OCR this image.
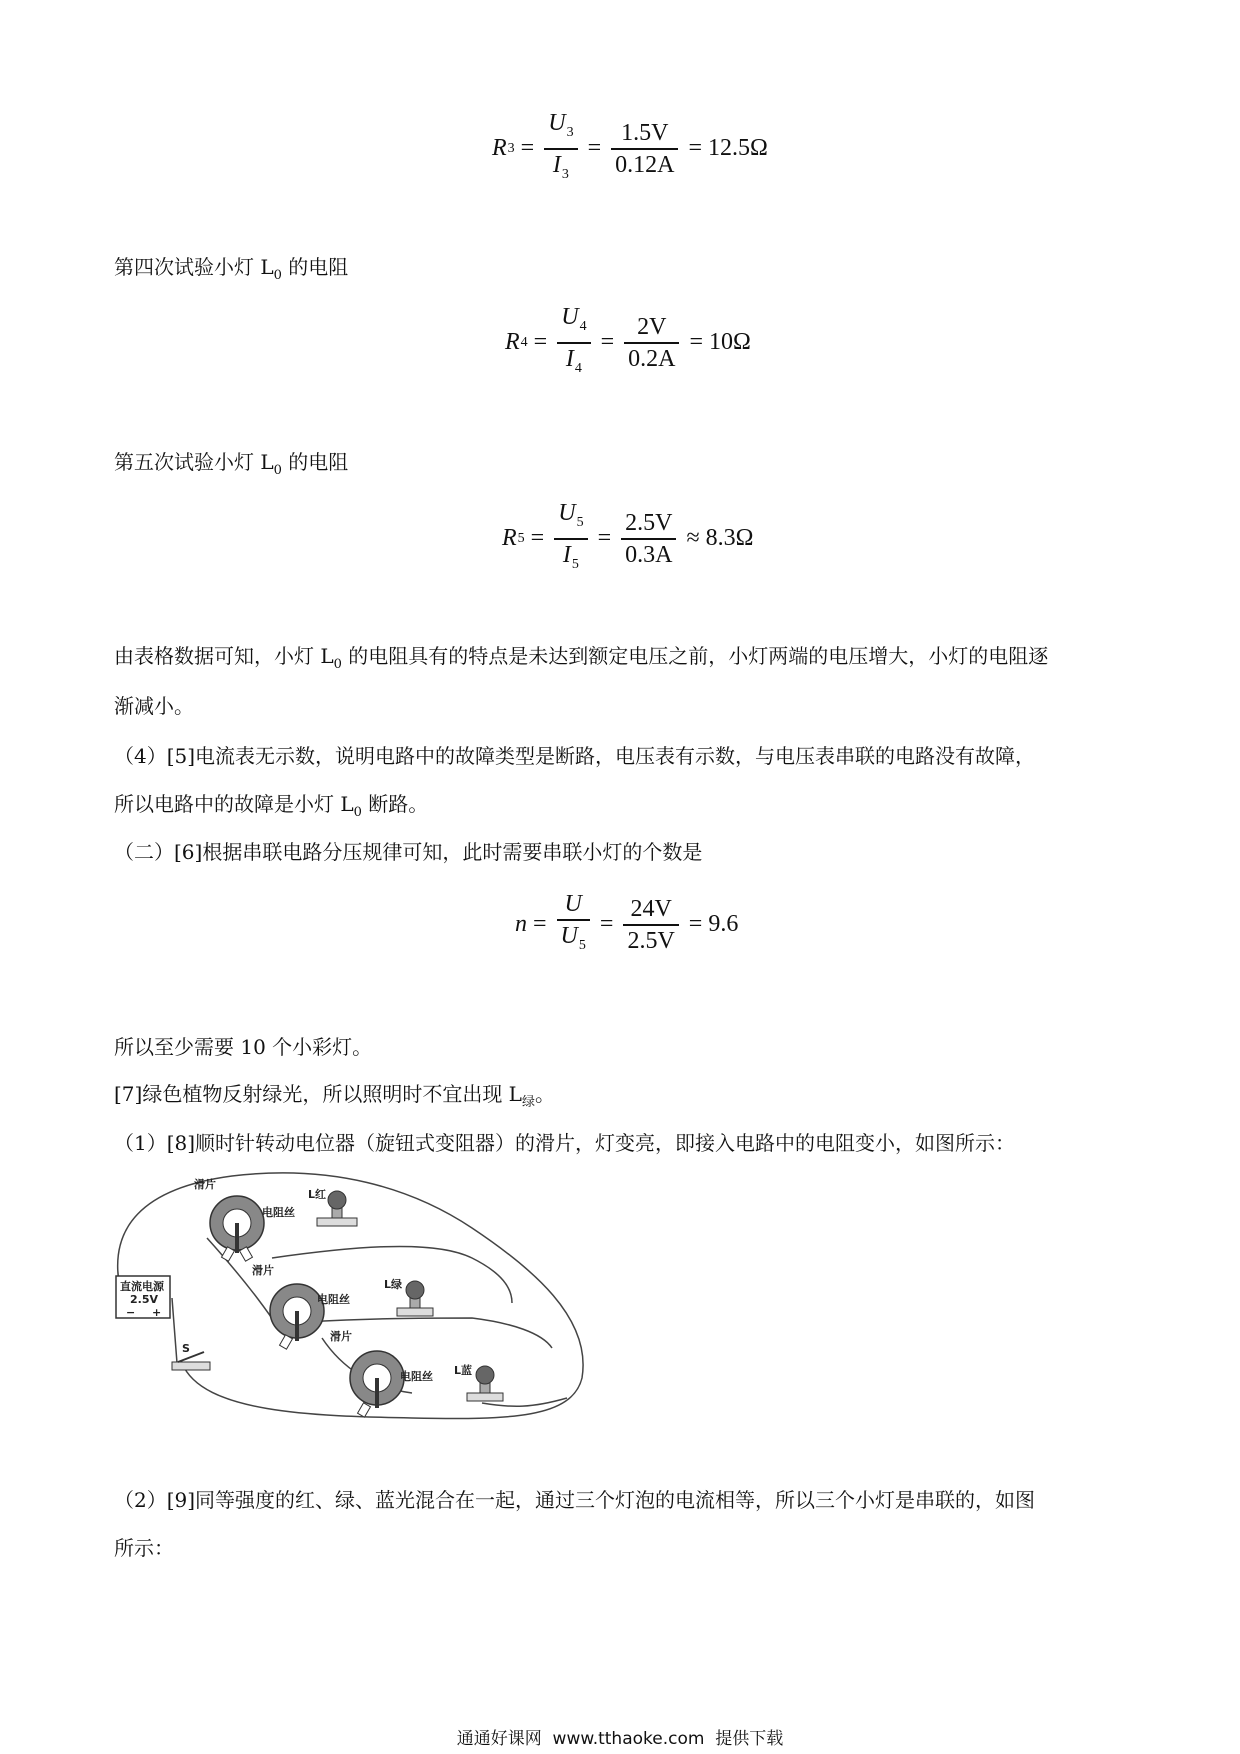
R $3 = \frac{U_3}{I_3} = \frac{1.5V}{0.12A} = 12.5\Omega$
第四次试验小灯 $L_0$ 的电阻
R $4 = \frac{U_4}{I_4} = \frac{2V}{0.2A} = 10\Omega$
第五次试验小灯 $L_0$ 的电阻
R $5 = \frac{U_5}{I_5} = \frac{2.5V}{0.3A} \approx 8.3\Omega$
由表格数据可知，小灯 $L_0$ 的电阻具有的特点是未达到额定电压之前，小灯两端的电压增大，小灯的电阻逐
渐减小。
（4）[5]电流表无示数，说明电路中的故障类型是断路，电压表有示数，与电压表串联的电路没有故障，
所以电路中的故障是小灯 $L_0$ 断路。
（二）[6]根据串联电路分压规律可知，此时需要串联小灯的个数是
$n = \frac{U}{U_5} = \frac{24V}{2.5V} = 9.6$
所以至少需要 10 个小彩灯。
[7]绿色植物反射绿光，所以照明时不宜出现 $L_绿$。
（1）[8]顺时针转动电位器（旋钮式变阻器）的滑片，灯变亮，即接入电路中的电阻变小，如图所示：
滑片
电阻丝
L红
滑片
电阻丝
L绿
滑片
电阻丝 L蓝
直流电源
2.5V
− +
S
（2）[9]同等强度的红、绿、蓝光混合在一起，通过三个灯泡的电流相等，所以三个小灯是串联的，如图
所示：
通通好课网  www.tthaoke.com  提供下载
